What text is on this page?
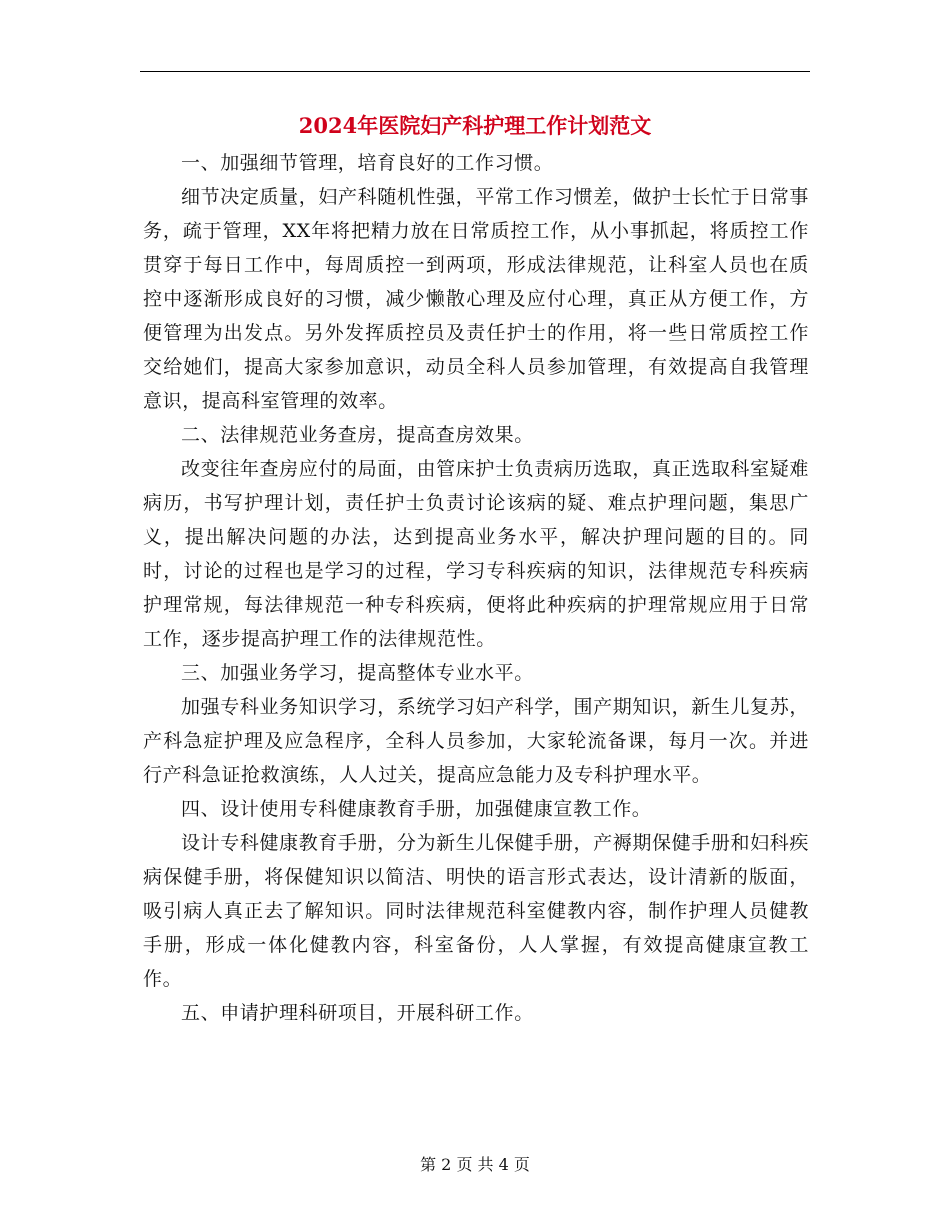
2024年医院妇产科护理工作计划范文

一、加强细节管理，培育良好的工作习惯。

细节决定质量，妇产科随机性强，平常工作习惯差，做护士长忙于日常事务，疏于管理，XX年将把精力放在日常质控工作，从小事抓起，将质控工作贯穿于每日工作中，每周质控一到两项，形成法律规范，让科室人员也在质控中逐渐形成良好的习惯，减少懒散心理及应付心理，真正从方便工作，方便管理为出发点。另外发挥质控员及责任护士的作用，将一些日常质控工作交给她们，提高大家参加意识，动员全科人员参加管理，有效提高自我管理意识，提高科室管理的效率。

二、法律规范业务查房，提高查房效果。

改变往年查房应付的局面，由管床护士负责病历选取，真正选取科室疑难病历，书写护理计划，责任护士负责讨论该病的疑、难点护理问题，集思广义，提出解决问题的办法，达到提高业务水平，解决护理问题的目的。同时，讨论的过程也是学习的过程，学习专科疾病的知识，法律规范专科疾病护理常规，每法律规范一种专科疾病，便将此种疾病的护理常规应用于日常工作，逐步提高护理工作的法律规范性。

三、加强业务学习，提高整体专业水平。

加强专科业务知识学习，系统学习妇产科学，围产期知识，新生儿复苏，产科急症护理及应急程序，全科人员参加，大家轮流备课，每月一次。并进行产科急证抢救演练，人人过关，提高应急能力及专科护理水平。

四、设计使用专科健康教育手册，加强健康宣教工作。

设计专科健康教育手册，分为新生儿保健手册，产褥期保健手册和妇科疾病保健手册，将保健知识以简洁、明快的语言形式表达，设计清新的版面，吸引病人真正去了解知识。同时法律规范科室健教内容，制作护理人员健教手册，形成一体化健教内容，科室备份，人人掌握，有效提高健康宣教工作。

五、申请护理科研项目，开展科研工作。

第 2 页 共 4 页
